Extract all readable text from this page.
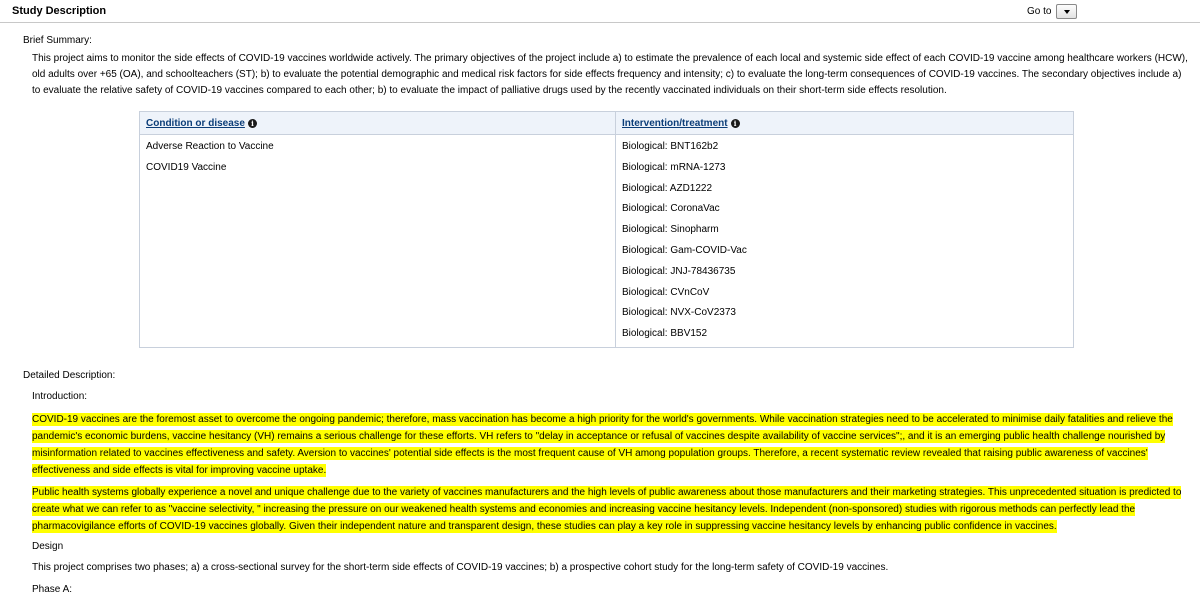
Study Description	Go to
Brief Summary:
This project aims to monitor the side effects of COVID-19 vaccines worldwide actively. The primary objectives of the project include a) to estimate the prevalence of each local and systemic side effect of each COVID-19 vaccine among healthcare workers (HCW), old adults over +65 (OA), and schoolteachers (ST); b) to evaluate the potential demographic and medical risk factors for side effects frequency and intensity; c) to evaluate the long-term consequences of COVID-19 vaccines. The secondary objectives include a) to evaluate the relative safety of COVID-19 vaccines compared to each other; b) to evaluate the impact of palliative drugs used by the recently vaccinated individuals on their short-term side effects resolution.
Condition or disease i	Intervention/treatment i
Adverse Reaction to Vaccine
COVID19 Vaccine
Biological: BNT162b2
Biological: mRNA-1273
Biological: AZD1222
Biological: CoronaVac
Biological: Sinopharm
Biological: Gam-COVID-Vac
Biological: JNJ-78436735
Biological: CVnCoV
Biological: NVX-CoV2373
Biological: BBV152
Detailed Description:
Introduction:
COVID-19 vaccines are the foremost asset to overcome the ongoing pandemic; therefore, mass vaccination has become a high priority for the world's governments. While vaccination strategies need to be accelerated to minimise daily fatalities and relieve the pandemic's economic burdens, vaccine hesitancy (VH) remains a serious challenge for these efforts. VH refers to "delay in acceptance or refusal of vaccines despite availability of vaccine services";, and it is an emerging public health challenge nourished by misinformation related to vaccines effectiveness and safety. Aversion to vaccines' potential side effects is the most frequent cause of VH among population groups. Therefore, a recent systematic review revealed that raising public awareness of vaccines' effectiveness and side effects is vital for improving vaccine uptake.
Public health systems globally experience a novel and unique challenge due to the variety of vaccines manufacturers and the high levels of public awareness about those manufacturers and their marketing strategies. This unprecedented situation is predicted to create what we can refer to as "vaccine selectivity, " increasing the pressure on our weakened health systems and economies and increasing vaccine hesitancy levels. Independent (non-sponsored) studies with rigorous methods can perfectly lead the pharmacovigilance efforts of COVID-19 vaccines globally. Given their independent nature and transparent design, these studies can play a key role in suppressing vaccine hesitancy levels by enhancing public confidence in vaccines.
Design
This project comprises two phases; a) a cross-sectional survey for the short-term side effects of COVID-19 vaccines; b) a prospective cohort study for the long-term safety of COVID-19 vaccines.
Phase A:
